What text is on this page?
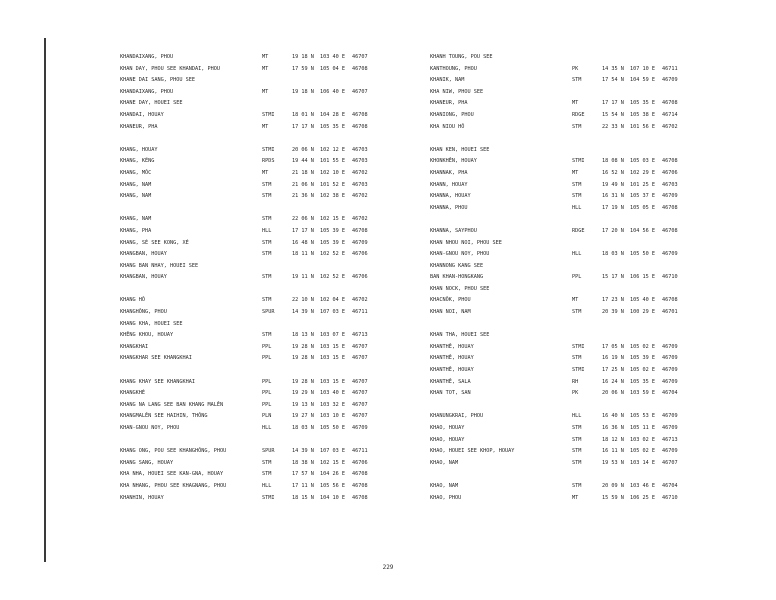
KHANDAIXANG, PHOU	MT	19 18 N 103 40 E 46707
KHAN DAY, PHOU SEE KHANDAI, PHOU	MT	17 59 N 105 04 E 46708
KHANE DAI SANG, PHOU SEE
KHANDAIXANG, PHOU	MT	19 18 N 106 40 E 46707
KHANE DAY, HOUEI SEE
KHANDAI, HOUAY	STMI	18 01 N 104 28 E 46708
KHANEUR, PHA	MT	17 17 N 105 35 E 46708
KHANG, HOUAY	STMI	20 06 N 102 12 E 46703
KHANG, KẼNG	RPDS	19 44 N 101 55 E 46703
KHANG, MÔC	MT	21 18 N 102 10 E 46702
KHANG, NAM	STM	21 06 N 101 52 E 46703
KHANG, NAM	STM	21 36 N 102 38 E 46702
KHANG, NAM	STM	22 06 N 102 15 E 46702
KHANG, PHA	HLL	17 17 N 105 39 E 46708
KHANG, SÉ SEE KONG, XÉ	STM	16 48 N 105 39 E 46709
KHANGBAN, HOUAY	STM	18 11 N 102 52 E 46706
KHANG BAN NHAY, HOUEI SEE
KHANGBAN, HOUAY	STM	19 11 N 102 52 E 46706
KHANG HÔ	STM	22 10 N 102 04 E 46702
KHANGHÔNG, PHOU	SPUR	14 39 N 107 03 E 46711
KHANG KHA, HOUEI SEE
KHÊNG KHOU, HOUAY	STM	18 13 N 103 07 E 46713
KHANGKHAI	PPL	19 28 N 103 15 E 46707
KHANGKHAR SEE KHANGKHAI	PPL	19 28 N 103 15 E 46707
KHANG KHAY SEE KHANGKHAI	PPL	19 28 N 103 15 E 46707
KHANGKHÉ	PPL	19 29 N 103 40 E 46707
KHANG NA LANG SEE BAN KHANG MALÊN	PPL	19 13 N 103 32 E 46707
KHANGMALÊN SEE HAIHIN, THÔNG	PLN	19 27 N 103 10 E 46707
KHAN-GNOU NOY, PHOU	HLL	18 03 N 105 50 E 46709
KHANG ONG, POU SEE KHANGHÔNG, PHOU	SPUR	14 39 N 107 03 E 46711
KHANG SANG, HOUAY	STM	18 38 N 102 15 E 46706
KHA NHA, HOUEI SEE KAN-GNA, HOUAY	STM	17 57 N 104 26 E 46708
KHA NHANG, PHOU SEE KHAGNANG, PHOU	HLL	17 11 N 105 56 E 46708
KHANHIN, HOUAY	STMI	18 15 N 104 10 E 46708
KHANH TOUNG, POU SEE
KANTHOUNG, PHOU	PK	14 35 N 107 10 E 46711
KHANIK, NAM	STM	17 54 N 104 59 E 46709
KHA NIW, PHOU SEE
KHANEUR, PHA	MT	17 17 N 105 35 E 46708
KHANIONG, PHOU	RDGE	15 54 N 105 38 E 46714
KHA NIOU HÔ	STM	22 33 N 101 56 E 46702
KHAN KEN, HOUEI SEE
KHONKHÊN, HOUAY	STMI	18 08 N 105 03 E 46708
KHANNAK, PHA	MT	16 52 N 102 29 E 46706
KHANN, HOUAY	STM	19 49 N 101 25 E 46703
KHANNA, HOUAY	STM	16 31 N 105 37 E 46709
KHANNA, PHOU	HLL	17 19 N 105 05 E 46708
KHANNA, SAYPHOU	RDGE	17 20 N 104 56 E 46708
KHAN NHOU NOI, PHOU SEE
KHAN-GNOU NOY, PHOU	HLL	18 03 N 105 50 E 46709
KHANNONG KANG SEE
BAN KHAN-HONGKANG	PPL	15 17 N 106 15 E 46710
KHAN NOCK, PHOU SEE
KHACNÔK, PHOU	MT	17 23 N 105 40 E 46708
KHAN NOI, NAM	STM	20 39 N 100 29 E 46701
KHAN THA, HOUEI SEE
KHANTHÊ, HOUAY	STMI	17 05 N 105 02 E 46709
KHANTHÊ, HOUAY	STM	16 19 N 105 39 E 46709
KHANTHÊ, HOUAY	STMI	17 25 N 105 02 E 46709
KHANTHÊ, SALA	RH	16 24 N 105 35 E 46709
KHAN TOT, SAN	PK	20 06 N 103 59 E 46704
KHANUNGKRAI, PHOU	HLL	16 40 N 105 53 E 46709
KHAO, HOUAY	STM	16 36 N 105 11 E 46709
KHAO, HOUAY	STM	18 12 N 103 02 E 46713
KHAO, HOUEI SEE KHOP, HOUAY	STM	16 11 N 105 02 E 46709
KHAO, NAM	STM	19 53 N 103 14 E 46707
KHAO, NAM	STM	20 09 N 103 46 E 46704
KHAO, PHOU	MT	15 59 N 106 25 E 46710
229
